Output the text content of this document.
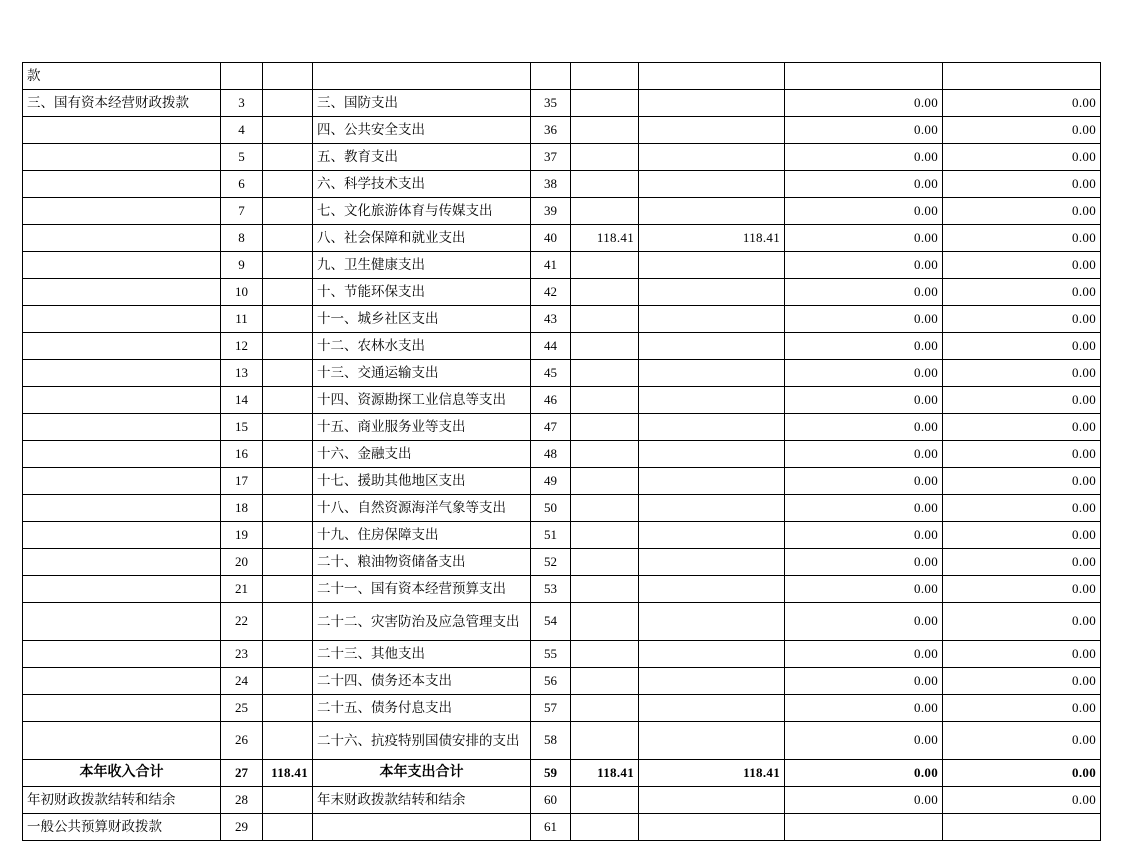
款								
三、国有资本经营财政拨款	3		三、国防支出	35			0.00	0.00
	4		四、公共安全支出	36			0.00	0.00
	5		五、教育支出	37			0.00	0.00
	6		六、科学技术支出	38			0.00	0.00
	7		七、文化旅游体育与传媒支出	39			0.00	0.00
	8		八、社会保障和就业支出	40	118.41	118.41	0.00	0.00
	9		九、卫生健康支出	41			0.00	0.00
	10		十、节能环保支出	42			0.00	0.00
	11		十一、城乡社区支出	43			0.00	0.00
	12		十二、农林水支出	44			0.00	0.00
	13		十三、交通运输支出	45			0.00	0.00
	14		十四、资源勘探工业信息等支出	46			0.00	0.00
	15		十五、商业服务业等支出	47			0.00	0.00
	16		十六、金融支出	48			0.00	0.00
	17		十七、援助其他地区支出	49			0.00	0.00
	18		十八、自然资源海洋气象等支出	50			0.00	0.00
	19		十九、住房保障支出	51			0.00	0.00
	20		二十、粮油物资储备支出	52			0.00	0.00
	21		二十一、国有资本经营预算支出	53			0.00	0.00
	22		二十二、灾害防治及应急管理支出	54			0.00	0.00
	23		二十三、其他支出	55			0.00	0.00
	24		二十四、债务还本支出	56			0.00	0.00
	25		二十五、债务付息支出	57			0.00	0.00
	26		二十六、抗疫特别国债安排的支出	58			0.00	0.00
本年收入合计	27	118.41	本年支出合计	59	118.41	118.41	0.00	0.00
年初财政拨款结转和结余	28		年末财政拨款结转和结余	60			0.00	0.00
一般公共预算财政拨款	29			61				
